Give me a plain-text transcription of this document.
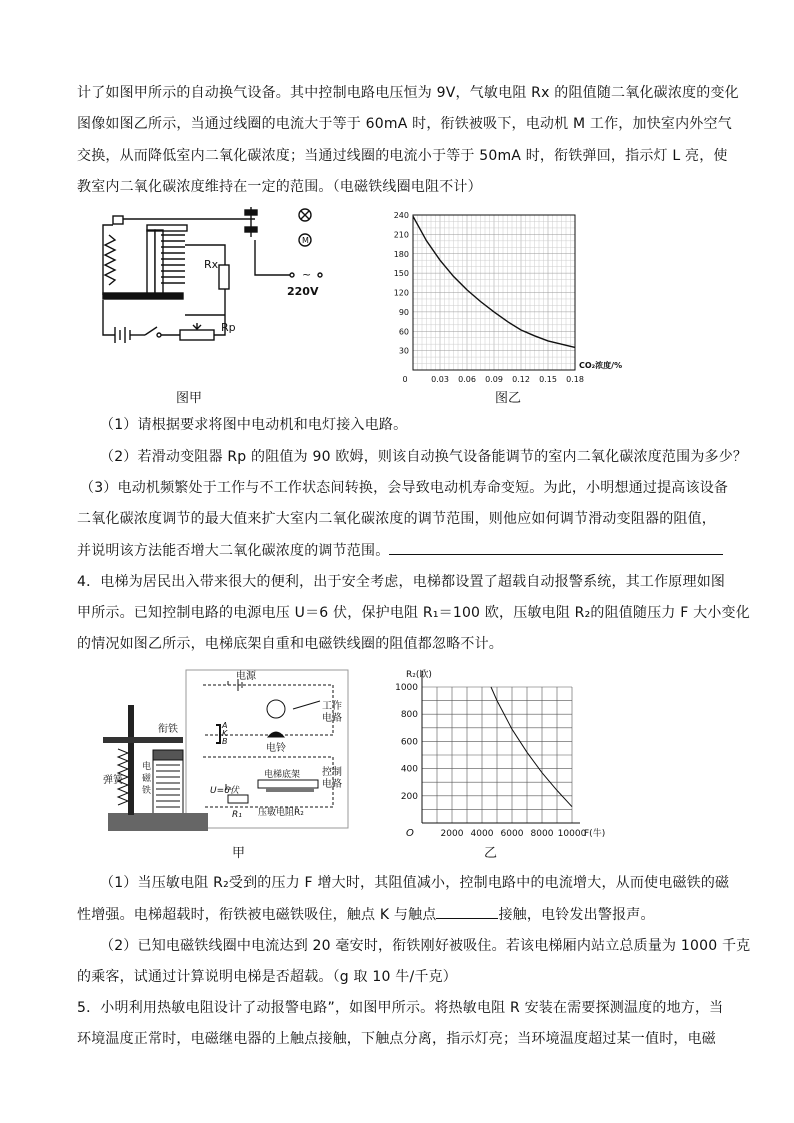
计了如图甲所示的自动换气设备。其中控制电路电压恒为 9V，气敏电阻 Rx 的阻值随二氧化碳浓度的变化
图像如图乙所示，当通过线圈的电流大于等于 60mA 时，衔铁被吸下，电动机 M 工作，加快室内外空气
交换，从而降低室内二氧化碳浓度；当通过线圈的电流小于等于 50mA 时，衔铁弹回，指示灯 L 亮，使
教室内二氧化碳浓度维持在一定的范围。（电磁铁线圈电阻不计）
Rx
Rp
M
~
220V
图甲
240
210
180
150
120
90
60
30
0	0.03 0.06 0.09 0.12 0.15 0.18
CO₂浓度/%
图乙
（1）请根据要求将图中电动机和电灯接入电路。
（2）若滑动变阻器 Rp 的阻值为 90 欧姆，则该自动换气设备能调节的室内二氧化碳浓度范围为多少？
（3）电动机频繁处于工作与不工作状态间转换，会导致电动机寿命变短。为此，小明想通过提高该设备
二氧化碳浓度调节的最大值来扩大室内二氧化碳浓度的调节范围，则他应如何调节滑动变阻器的阻值，
并说明该方法能否增大二氧化碳浓度的调节范围。
4．电梯为居民出入带来很大的便利，出于安全考虑，电梯都设置了超载自动报警系统，其工作原理如图
甲所示。已知控制电路的电源电压 U＝6 伏，保护电阻 R₁＝100 欧，压敏电阻 R₂的阻值随压力 F 大小变化
的情况如图乙所示，电梯底架自重和电磁铁线圈的阻值都忽略不计。
电源
工作
电路
衔铁	A
K
B
电铃
弹簧
电
磁
铁	U=6伏
电梯底架 控制
电路
R₁ 压敏电阻R₂
甲
1000
800
600
400
200
2000 4000 6000 8000 10000
O
R₂(欧)
F(牛)
乙
（1）当压敏电阻 R₂受到的压力 F 增大时，其阻值减小，控制电路中的电流增大，从而使电磁铁的磁
性增强。电梯超载时，衔铁被电磁铁吸住，触点 K 与触点	接触，电铃发出警报声。
（2）已知电磁铁线圈中电流达到 20 毫安时，衔铁刚好被吸住。若该电梯厢内站立总质量为 1000 千克
的乘客，试通过计算说明电梯是否超载。（g 取 10 牛/千克）
5．小明利用热敏电阻设计了动报警电路”，如图甲所示。将热敏电阻 R 安装在需要探测温度的地方，当
环境温度正常时，电磁继电器的上触点接触，下触点分离，指示灯亮；当环境温度超过某一值时，电磁
